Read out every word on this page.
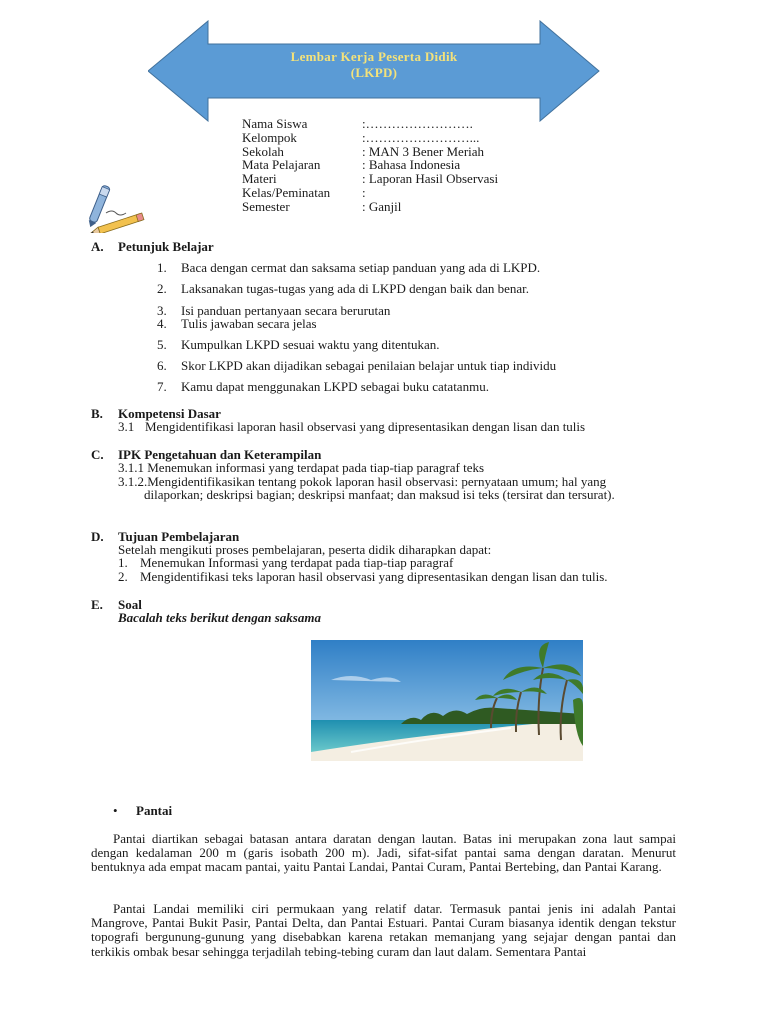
Lembar Kerja Peserta Didik
(LKPD)
Nama Siswa	:…………………….
Kelompok	:……………………...
Sekolah	: MAN 3 Bener Meriah
Mata Pelajaran	: Bahasa Indonesia
Materi	: Laporan Hasil Observasi
Kelas/Peminatan	:
Semester	: Ganjil
A. Petunjuk Belajar
1. Baca dengan cermat dan saksama setiap panduan yang ada di LKPD.
2. Laksanakan tugas-tugas yang ada di LKPD dengan baik dan benar.
3. Isi panduan pertanyaan secara berurutan
4. Tulis jawaban secara jelas
5. Kumpulkan LKPD sesuai waktu yang ditentukan.
6. Skor LKPD akan dijadikan sebagai penilaian belajar untuk tiap individu
7. Kamu dapat menggunakan LKPD sebagai buku catatanmu.
B. Kompetensi Dasar
3.1 Mengidentifikasi laporan hasil observasi yang dipresentasikan dengan lisan dan tulis
C. IPK Pengetahuan dan Keterampilan
3.1.1 Menemukan informasi yang terdapat pada tiap-tiap paragraf teks
3.1.2.Mengidentifikasikan tentang pokok laporan hasil observasi: pernyataan umum; hal yang
dilaporkan; deskripsi bagian; deskripsi manfaat; dan maksud isi teks (tersirat dan tersurat).
D. Tujuan Pembelajaran
Setelah mengikuti proses pembelajaran, peserta didik diharapkan dapat:
1. Menemukan Informasi yang terdapat pada tiap-tiap paragraf
2. Mengidentifikasi teks laporan hasil observasi yang dipresentasikan dengan lisan dan tulis.
E. Soal
Bacalah teks berikut dengan saksama
• Pantai
Pantai diartikan sebagai batasan antara daratan dengan lautan. Batas ini merupakan zona laut sampai dengan kedalaman 200 m (garis isobath 200 m). Jadi, sifat-sifat pantai sama dengan daratan. Menurut bentuknya ada empat macam pantai, yaitu Pantai Landai, Pantai Curam, Pantai Bertebing, dan Pantai Karang.
Pantai Landai memiliki ciri permukaan yang relatif datar. Termasuk pantai jenis ini adalah Pantai Mangrove, Pantai Bukit Pasir, Pantai Delta, dan Pantai Estuari. Pantai Curam biasanya identik dengan tekstur topografi bergunung-gunung yang disebabkan karena retakan memanjang yang sejajar dengan pantai dan terkikis ombak besar sehingga terjadilah tebing-tebing curam dan laut dalam. Sementara Pantai
